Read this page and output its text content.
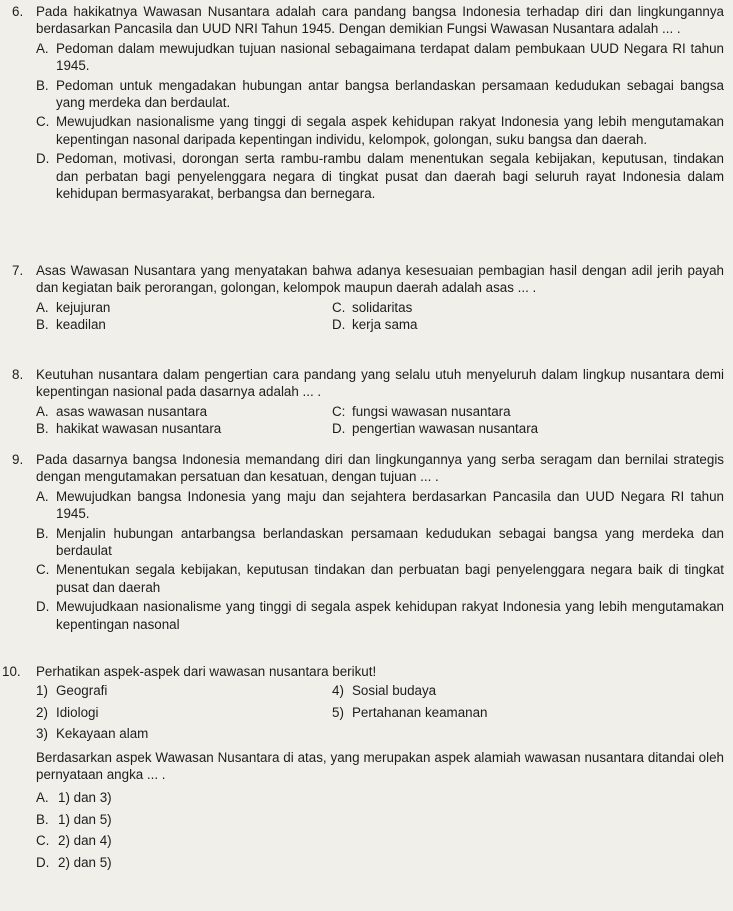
6. Pada hakikatnya Wawasan Nusantara adalah cara pandang bangsa Indonesia terhadap diri dan lingkungannya berdasarkan Pancasila dan UUD NRI Tahun 1945. Dengan demikian Fungsi Wawasan Nusantara adalah ... .
A. Pedoman dalam mewujudkan tujuan nasional sebagaimana terdapat dalam pembukaan UUD Negara RI tahun 1945.
B. Pedoman untuk mengadakan hubungan antar bangsa berlandaskan persamaan kedudukan sebagai bangsa yang merdeka dan berdaulat.
C. Mewujudkan nasionalisme yang tinggi di segala aspek kehidupan rakyat Indonesia yang lebih mengutamakan kepentingan nasonal daripada kepentingan individu, kelompok, golongan, suku bangsa dan daerah.
D. Pedoman, motivasi, dorongan serta rambu-rambu dalam menentukan segala kebijakan, keputusan, tindakan dan perbatan bagi penyelenggara negara di tingkat pusat dan daerah bagi seluruh rayat Indonesia dalam kehidupan bermasyarakat, berbangsa dan bernegara.
7. Asas Wawasan Nusantara yang menyatakan bahwa adanya kesesuaian pembagian hasil dengan adil jerih payah dan kegiatan baik perorangan, golongan, kelompok maupun daerah adalah asas ... .
A. kejujuran	C. solidaritas
B. keadilan	D. kerja sama
8. Keutuhan nusantara dalam pengertian cara pandang yang selalu utuh menyeluruh dalam lingkup nusantara demi kepentingan nasional pada dasarnya adalah ... .
A. asas wawasan nusantara	C: fungsi wawasan nusantara
B. hakikat wawasan nusantara	D. pengertian wawasan nusantara
9. Pada dasarnya bangsa Indonesia memandang diri dan lingkungannya yang serba seragam dan bernilai strategis dengan mengutamakan persatuan dan kesatuan, dengan tujuan ... .
A. Mewujudkan bangsa Indonesia yang maju dan sejahtera berdasarkan Pancasila dan UUD Negara RI tahun 1945.
B. Menjalin hubungan antarbangsa berlandaskan persamaan kedudukan sebagai bangsa yang merdeka dan berdaulat
C. Menentukan segala kebijakan, keputusan tindakan dan perbuatan bagi penyelenggara negara baik di tingkat pusat dan daerah
D. Mewujudkaan nasionalisme yang tinggi di segala aspek kehidupan rakyat Indonesia yang lebih mengutamakan kepentingan nasonal
10.	Perhatikan aspek-aspek dari wawasan nusantara berikut!
1) Geografi	4) Sosial budaya
2) Idiologi	5) Pertahanan keamanan
3) Kekayaan alam
Berdasarkan aspek Wawasan Nusantara di atas, yang merupakan aspek alamiah wawasan nusantara ditandai oleh pernyataan angka ... .
A. 1) dan 3)
B. 1) dan 5)
C. 2) dan 4)
D. 2) dan 5)
